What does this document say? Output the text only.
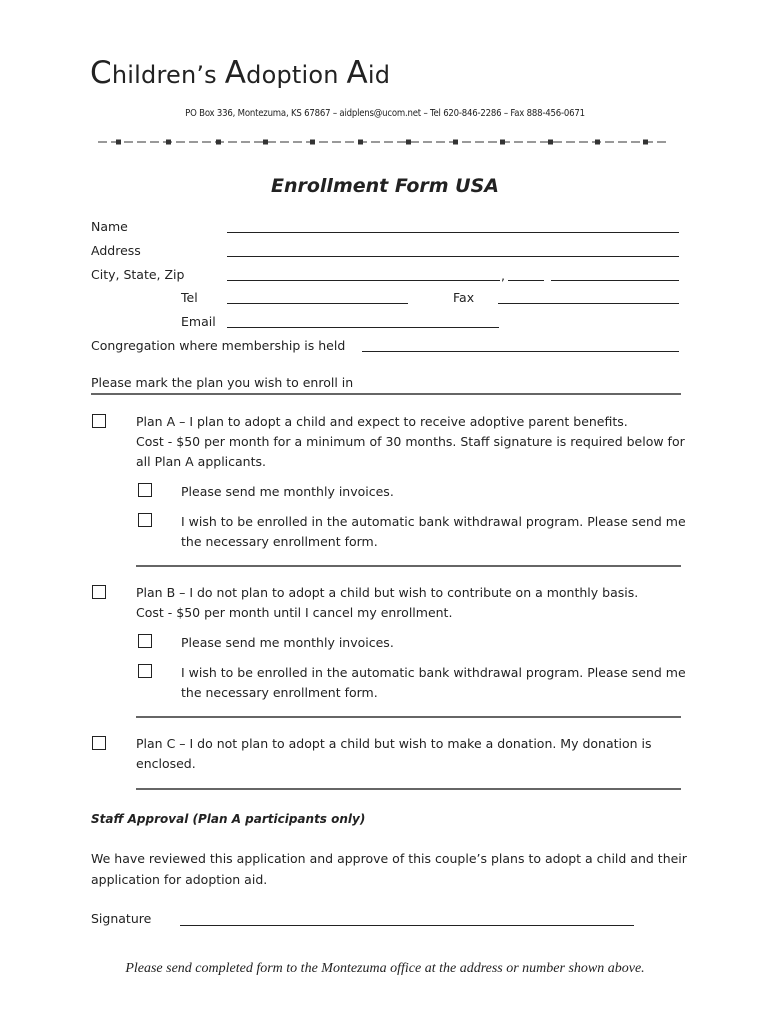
Children’s Adoption Aid
PO Box 336, Montezuma, KS 67867 – aidplens@ucom.net – Tel 620-846-2286 – Fax 888-456-0671
Enrollment Form USA
Name
Address
City, State, Zip	,
Tel	Fax
Email
Congregation where membership is held
Please mark the plan you wish to enroll in
Plan A – I plan to adopt a child and expect to receive adoptive parent benefits.
Cost - $50 per month for a minimum of 30 months. Staff signature is required below for
all Plan A applicants.
Please send me monthly invoices.
I wish to be enrolled in the automatic bank withdrawal program. Please send me
the necessary enrollment form.
Plan B – I do not plan to adopt a child but wish to contribute on a monthly basis.
Cost - $50 per month until I cancel my enrollment.
Please send me monthly invoices.
I wish to be enrolled in the automatic bank withdrawal program. Please send me
the necessary enrollment form.
Plan C – I do not plan to adopt a child but wish to make a donation. My donation is
enclosed.
Staff Approval (Plan A participants only)
We have reviewed this application and approve of this couple’s plans to adopt a child and their
application for adoption aid.
Signature
Please send completed form to the Montezuma office at the address or number shown above.
